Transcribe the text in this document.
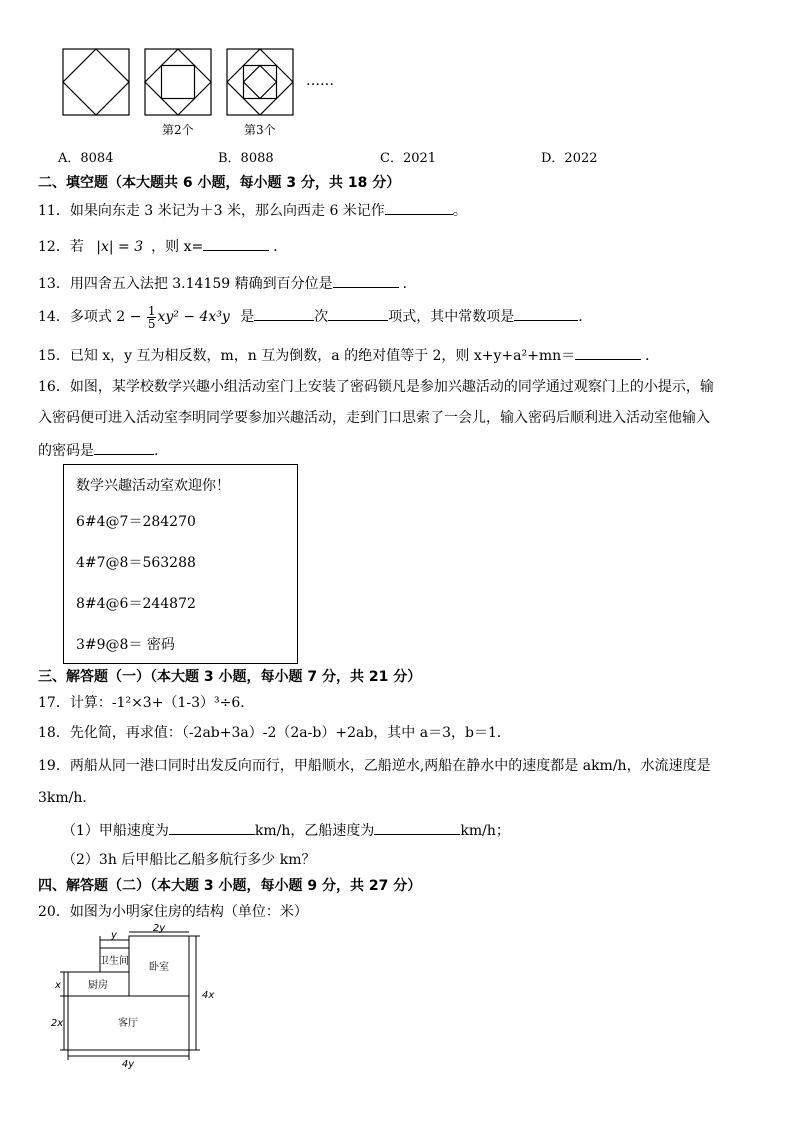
……
第2个	第3个
A．8084	B．8088	C．2021	D．2022
二、填空题（本大题共 6 小题，每小题 3 分，共 18 分）
11．如果向东走 3 米记为＋3 米，那么向西走 6 米记作	。
12．若 |x| = 3 ，则 x=	．
13．用四舍五入法把 3.14159 精确到百分位是	．
14．多项式 $2 - \frac{1}{5} xy^2 - 4x^3y$ 是	次	项式，其中常数项是	.
15．已知 x，y 互为相反数，m，n 互为倒数，a 的绝对值等于 2，则 x+y+a²+mn＝	．
16．如图，某学校数学兴趣小组活动室门上安装了密码锁凡是参加兴趣活动的同学通过观察门上的小提示，输
入密码便可进入活动室李明同学要参加兴趣活动，走到门口思索了一会儿，输入密码后顺利进入活动室他输入
的密码是	.
数学兴趣活动室欢迎你！
6#4@7＝284270
4#7@8＝563288
8#4@6＝244872
3#9@8＝ 密码
三、解答题（一）（本大题 3 小题，每小题 7 分，共 21 分）
17．计算：-1²×3+（1-3）³÷6．
18．先化简，再求值：（-2ab+3a）-2（2a-b）+2ab，其中 a＝3，b＝1．
19．两船从同一港口同时出发反向而行，甲船顺水，乙船逆水,两船在静水中的速度都是 akm/h，水流速度是
3km/h．
（1）甲船速度为	km/h，乙船速度为	km/h；
（2）3h 后甲船比乙船多航行多少 km？
四、解答题（二）（本大题 3 小题，每小题 9 分，共 27 分）
20．如图为小明家住房的结构（单位：米）
y
2y
4x
x
2x
4y
卫生间
卧室
厨房
客厅
